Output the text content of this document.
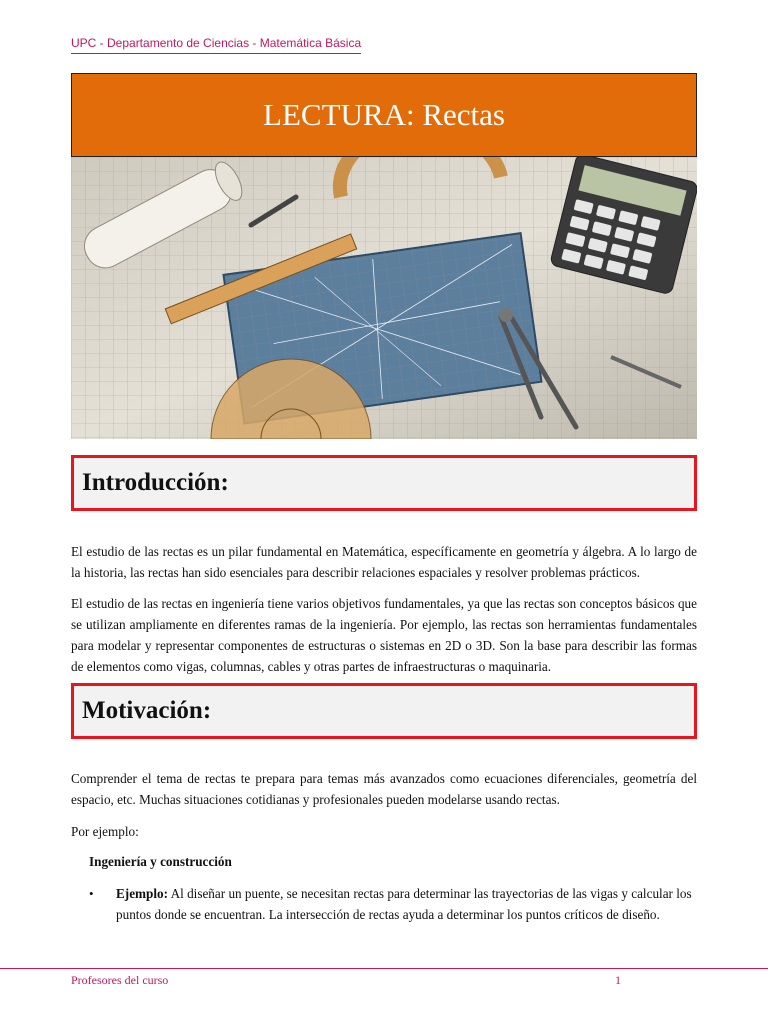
UPC - Departamento de Ciencias - Matemática Básica
LECTURA: Rectas
Introducción:
El estudio de las rectas es un pilar fundamental en Matemática, específicamente en geometría y álgebra. A lo largo de la historia, las rectas han sido esenciales para describir relaciones espaciales y resolver problemas prácticos.
El estudio de las rectas en ingeniería tiene varios objetivos fundamentales, ya que las rectas son conceptos básicos que se utilizan ampliamente en diferentes ramas de la ingeniería. Por ejemplo, las rectas son herramientas fundamentales para modelar y representar componentes de estructuras o sistemas en 2D o 3D. Son la base para describir las formas de elementos como vigas, columnas, cables y otras partes de infraestructuras o maquinaria.
Motivación:
Comprender el tema de rectas te prepara para temas más avanzados como ecuaciones diferenciales, geometría del espacio, etc. Muchas situaciones cotidianas y profesionales pueden modelarse usando rectas.
Por ejemplo:
Ingeniería y construcción
•	Ejemplo: Al diseñar un puente, se necesitan rectas para determinar las trayectorias de las vigas y calcular los puntos donde se encuentran. La intersección de rectas ayuda a determinar los puntos críticos de diseño.
Profesores del curso	1
